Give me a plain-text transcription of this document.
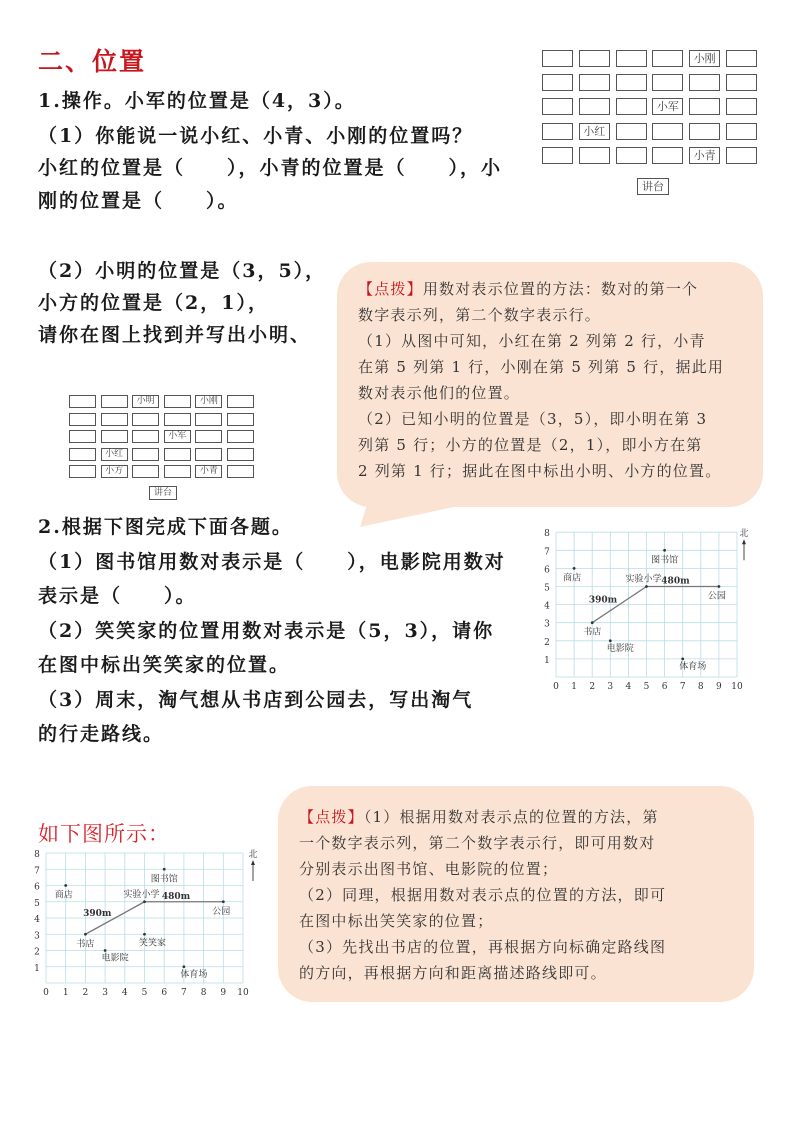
二、位置
1.操作。小军的位置是（4，3）。
（1）你能说一说小红、小青、小刚的位置吗？
小红的位置是（　　），小青的位置是（　　），小
刚的位置是（　　）。
（2）小明的位置是（3，5），
小方的位置是（2，1），
请你在图上找到并写出小明、
小刚
小军
小红
小青
讲台
小明	小刚
小军
小红
小方	小青
讲台
【点拨】用数对表示位置的方法：数对的第一个
数字表示列，第二个数字表示行。
（1）从图中可知，小红在第 2 列第 2 行，小青
在第 5 列第 1 行，小刚在第 5 列第 5 行，据此用
数对表示他们的位置。
（2）已知小明的位置是（3，5），即小明在第 3
列第 5 行；小方的位置是（2，1），即小方在第
2 列第 1 行；据此在图中标出小明、小方的位置。
2.根据下图完成下面各题。
（1）图书馆用数对表示是（　　），电影院用数对
表示是（　　）。
（2）笑笑家的位置用数对表示是（5，3），请你
在图中标出笑笑家的位置。
（3）周末，淘气想从书店到公园去，写出淘气
的行走路线。
0 1 2 3 4 5 6 7 8 9 10
1
2
3
4
5
6
7
8	北
390m
480m
图书馆
商店	实验小学
公园
书店
电影院
体育场
如下图所示：
0 1 2 3 4 5 6 7 8 9 10
1
2
3
4
5
6
7
8	北
390m
480m
图书馆
商店	实验小学
公园
书店	笑笑家
电影院
体育场
【点拨】（1）根据用数对表示点的位置的方法，第
一个数字表示列，第二个数字表示行，即可用数对
分别表示出图书馆、电影院的位置；
（2）同理，根据用数对表示点的位置的方法，即可
在图中标出笑笑家的位置；
（3）先找出书店的位置，再根据方向标确定路线图
的方向，再根据方向和距离描述路线即可。
